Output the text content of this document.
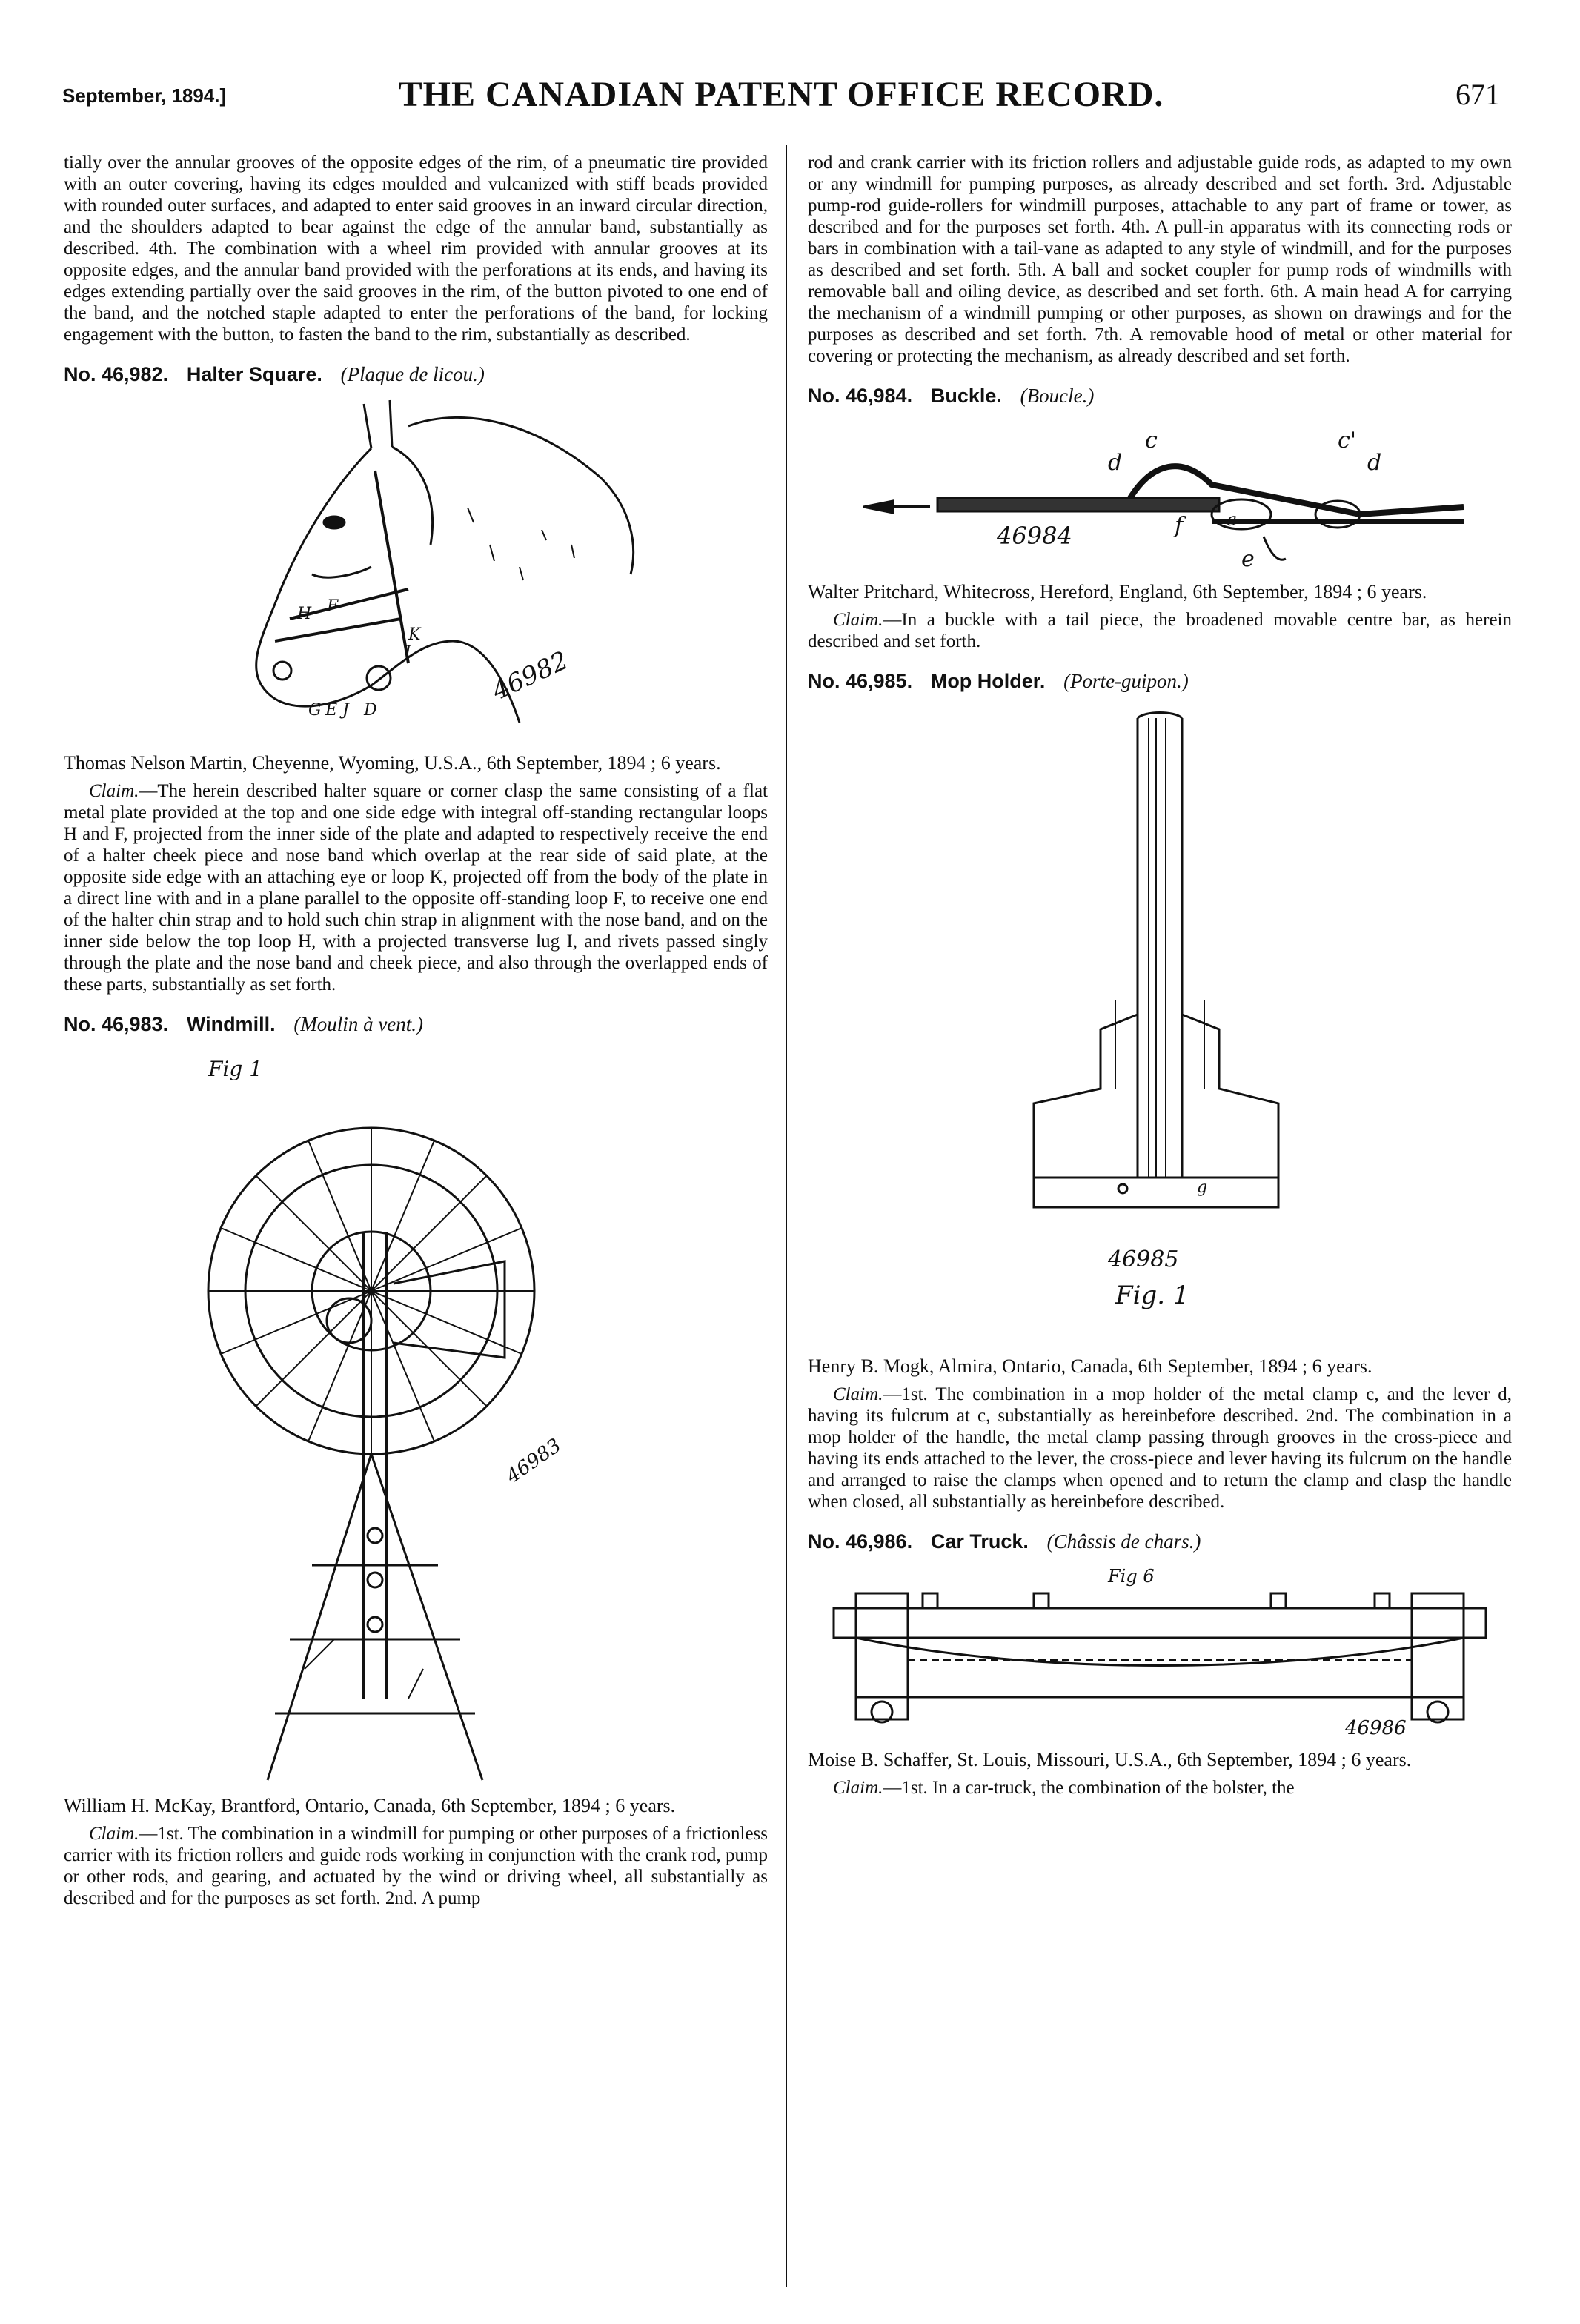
September, 1894.]	THE CANADIAN PATENT OFFICE RECORD.	671

tially over the annular grooves of the opposite edges of the rim, of a pneumatic tire provided with an outer covering, having its edges moulded and vulcanized with stiff beads provided with rounded outer surfaces, and adapted to enter said grooves in an inward circular direction, and the shoulders adapted to bear against the edge of the annular band, substantially as described. 4th. The combination with a wheel rim provided with annular grooves at its opposite edges, and the annular band provided with the perforations at its ends, and having its edges extending partially over the said grooves in the rim, of the button pivoted to one end of the band, and the notched staple adapted to enter the perforations of the band, for locking engagement with the button, to fasten the band to the rim, substantially as described.

No. 46,982. Halter Square. (Plaque de licou.)
H F
K
I
G E J D
46982

Thomas Nelson Martin, Cheyenne, Wyoming, U.S.A., 6th September, 1894 ; 6 years.

Claim.—The herein described halter square or corner clasp the same consisting of a flat metal plate provided at the top and one side edge with integral off-standing rectangular loops H and F, projected from the inner side of the plate and adapted to respectively receive the end of a halter cheek piece and nose band which overlap at the rear side of said plate, at the opposite side edge with an attaching eye or loop K, projected off from the body of the plate in a direct line with and in a plane parallel to the opposite off-standing loop F, to receive one end of the halter chin strap and to hold such chin strap in alignment with the nose band, and on the inner side below the top loop H, with a projected transverse lug I, and rivets passed singly through the plate and the nose band and cheek piece, and also through the overlapped ends of these parts, substantially as set forth.

No. 46,983. Windmill. (Moulin à vent.)
Fig 1
46983

William H. McKay, Brantford, Ontario, Canada, 6th September, 1894 ; 6 years.

Claim.—1st. The combination in a windmill for pumping or other purposes of a frictionless carrier with its friction rollers and guide rods working in conjunction with the crank rod, pump or other rods, and gearing, and actuated by the wind or driving wheel, all substantially as described and for the purposes as set forth. 2nd. A pump

rod and crank carrier with its friction rollers and adjustable guide rods, as adapted to my own or any windmill for pumping purposes, as already described and set forth. 3rd. Adjustable pump-rod guide-rollers for windmill purposes, attachable to any part of frame or tower, as described and for the purposes set forth. 4th. A pull-in apparatus with its connecting rods or bars in combination with a tail-vane as adapted to any style of windmill, and for the purposes as described and set forth. 5th. A ball and socket coupler for pump rods of windmills with removable ball and oiling device, as described and set forth. 6th. A main head A for carrying the mechanism of a windmill pumping or other purposes, as shown on drawings and for the purposes as described and set forth. 7th. A removable hood of metal or other material for covering or protecting the mechanism, as already described and set forth.

No. 46,984. Buckle. (Boucle.)
d
c	c'
d
f a
e
46984

Walter Pritchard, Whitecross, Hereford, England, 6th September, 1894 ; 6 years.

Claim.—In a buckle with a tail piece, the broadened movable centre bar, as herein described and set forth.

No. 46,985. Mop Holder. (Porte-guipon.)
g
46985
Fig. 1

Henry B. Mogk, Almira, Ontario, Canada, 6th September, 1894 ; 6 years.

Claim.—1st. The combination in a mop holder of the metal clamp c, and the lever d, having its fulcrum at c, substantially as hereinbefore described. 2nd. The combination in a mop holder of the handle, the metal clamp passing through grooves in the cross-piece and having its ends attached to the lever, the cross-piece and lever having its fulcrum on the handle and arranged to raise the clamps when opened and to return the clamp and clasp the handle when closed, all substantially as hereinbefore described.

No. 46,986. Car Truck. (Châssis de chars.)
Fig 6
46986

Moise B. Schaffer, St. Louis, Missouri, U.S.A., 6th September, 1894 ; 6 years.

Claim.—1st. In a car-truck, the combination of the bolster, the
